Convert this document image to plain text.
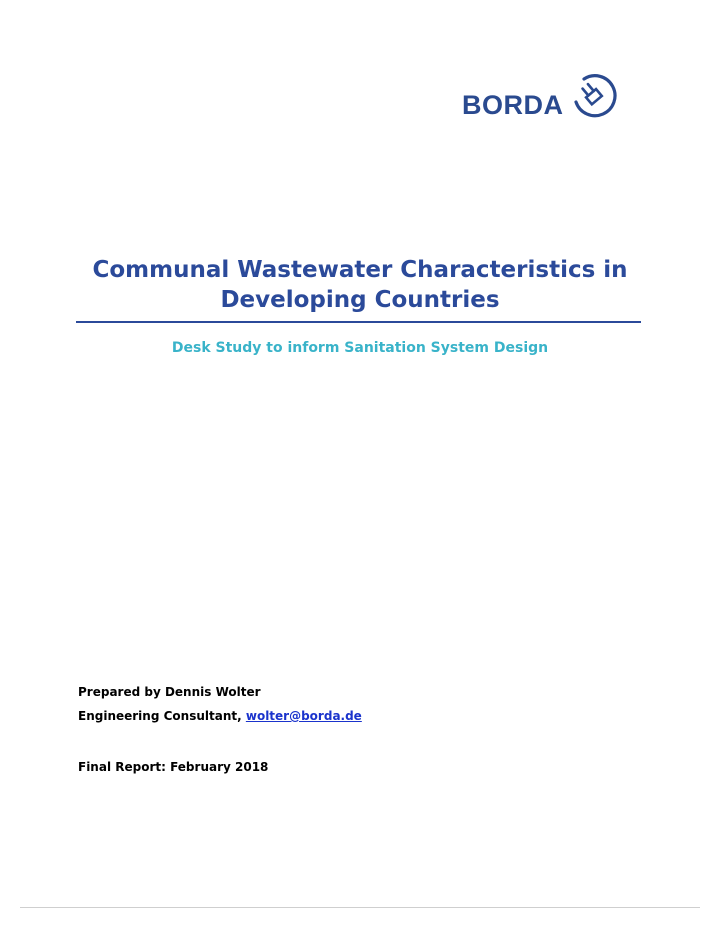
BORDA
Communal Wastewater Characteristics in
Developing Countries
Desk Study to inform Sanitation System Design
Prepared by Dennis Wolter
Engineering Consultant, wolter@borda.de
Final Report: February 2018
